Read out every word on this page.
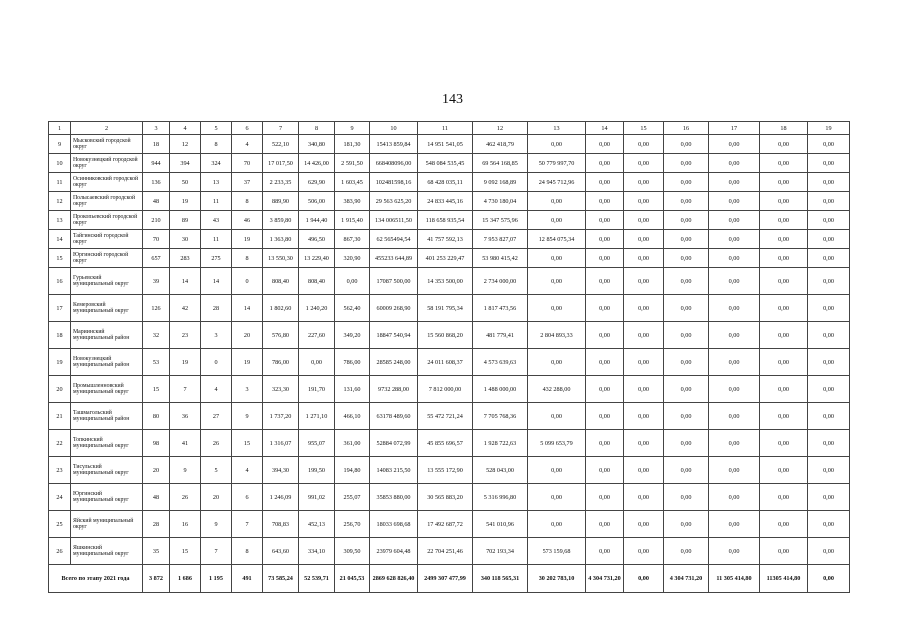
143
1	2	3	4	5	6	7	8	9	10	11	12	13	14	15	16	17	18	19
9	Мысковский городской округ	18	12	8	4	522,10	340,80	181,30	15413 859,84	14 951 541,05	462 418,79	0,00	0,00	0,00	0,00	0,00	0,00	0,00
10	Новокузнецкий городской округ	944	394	324	70	17 017,50	14 426,00	2 591,50	668408096,00	548 084 535,45	69 564 168,85	50 779 997,70	0,00	0,00	0,00	0,00	0,00	0,00
11	Осинниковский городской округ	136	50	13	37	2 233,35	629,90	1 603,45	102481598,16	68 428 035,11	9 092 168,89	24 945 712,96	0,00	0,00	0,00	0,00	0,00	0,00
12	Полысаевский городской округ	48	19	11	8	889,90	506,00	383,90	29 563 625,20	24 833 445,16	4 730 180,04	0,00	0,00	0,00	0,00	0,00	0,00	0,00
13	Прокопьевский городской округ	210	89	43	46	3 859,80	1 944,40	1 915,40	134 006511,50	118 658 935,54	15 347 575,96	0,00	0,00	0,00	0,00	0,00	0,00	0,00
14	Тайгинский городской округ	70	30	11	19	1 363,80	496,50	867,30	62 565494,54	41 757 592,13	7 953 827,07	12 854 075,34	0,00	0,00	0,00	0,00	0,00	0,00
15	Юргинский городской округ	657	283	275	8	13 550,30	13 229,40	320,90	455233 644,89	401 253 229,47	53 980 415,42	0,00	0,00	0,00	0,00	0,00	0,00	0,00
16	Гурьевский муниципальный округ	39	14	14	0	808,40	808,40	0,00	17087 500,00	14 353 500,00	2 734 000,00	0,00	0,00	0,00	0,00	0,00	0,00	0,00
17	Кемеровский муниципальный округ	126	42	28	14	1 802,60	1 240,20	562,40	60009 268,90	58 191 795,34	1 817 473,56	0,00	0,00	0,00	0,00	0,00	0,00	0,00
18	Мариинский муниципальный район	32	23	3	20	576,80	227,60	349,20	18847 540,94	15 560 868,20	481 779,41	2 804 893,33	0,00	0,00	0,00	0,00	0,00	0,00
19	Новокузнецкий муниципальный район	53	19	0	19	786,00	0,00	786,00	28585 248,00	24 011 608,37	4 573 639,63	0,00	0,00	0,00	0,00	0,00	0,00	0,00
20	Промышленновский муниципальный округ	15	7	4	3	323,30	191,70	131,60	9732 288,00	7 812 000,00	1 488 000,00	432 288,00	0,00	0,00	0,00	0,00	0,00	0,00
21	Ташмагольский муниципальный район	80	36	27	9	1 737,20	1 271,10	466,10	63178 489,60	55 472 721,24	7 705 768,36	0,00	0,00	0,00	0,00	0,00	0,00	0,00
22	Топкинский муниципальный округ	98	41	26	15	1 316,07	955,07	361,00	52884 072,99	45 855 696,57	1 928 722,63	5 099 653,79	0,00	0,00	0,00	0,00	0,00	0,00
23	Тисульский муниципальный округ	20	9	5	4	394,30	199,50	194,80	14083 215,50	13 555 172,90	528 043,00	0,00	0,00	0,00	0,00	0,00	0,00	0,00
24	Юргинский муниципальный округ	48	26	20	6	1 246,09	991,02	255,07	35853 880,00	30 565 883,20	5 316 996,80	0,00	0,00	0,00	0,00	0,00	0,00	0,00
25	Яйский муниципальный округ	28	16	9	7	708,83	452,13	256,70	18033 698,68	17 492 687,72	541 010,96	0,00	0,00	0,00	0,00	0,00	0,00	0,00
26	Яшкинский муниципальный округ	35	15	7	8	643,60	334,10	309,50	23979 604,48	22 704 251,46	702 193,34	573 159,68	0,00	0,00	0,00	0,00	0,00	0,00
Всего по этапу 2021 года		3 872	1 686	1 195	491	73 585,24	52 539,71	21 045,53	2869 628 826,40	2499 307 477,99	340 118 565,31	30 202 783,10	4 304 731,20	0,00	4 304 731,20	11 305 414,80	11305 414,80	0,00
